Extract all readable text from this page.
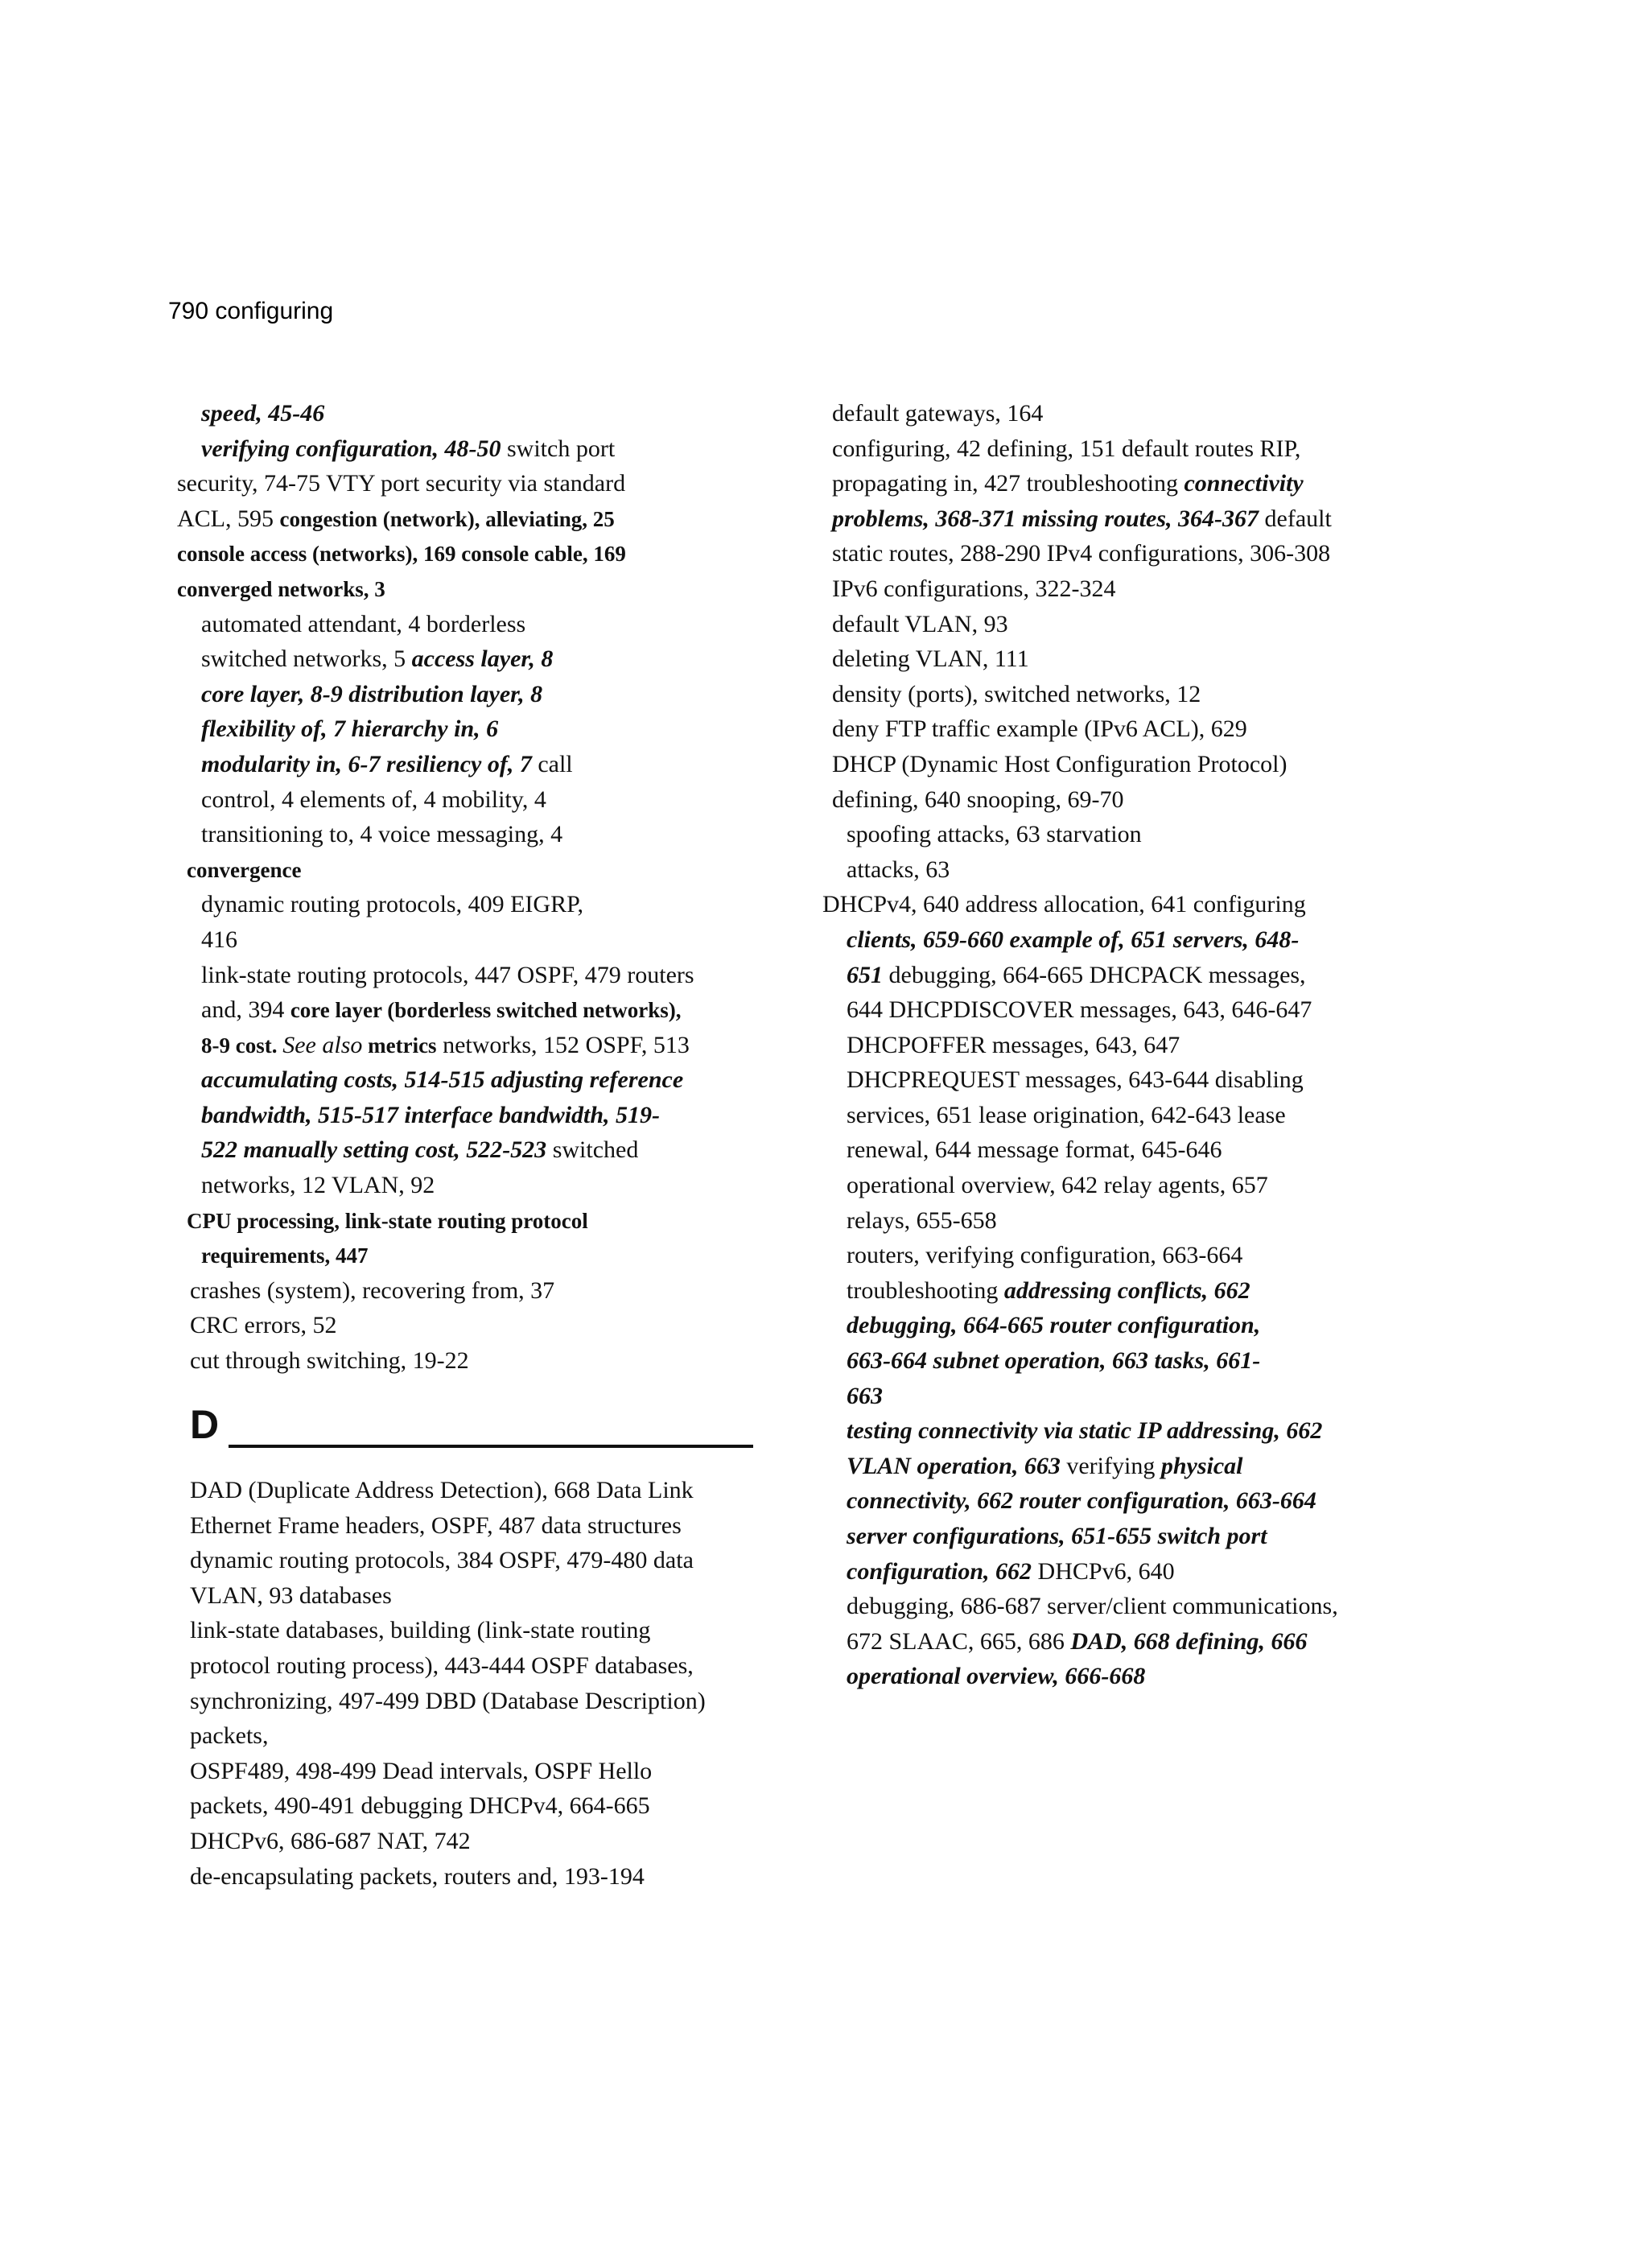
790 configuring
speed, 45-46
verifying configuration, 48-50 switch port
security, 74-75 VTY port security via standard
ACL, 595 congestion (network), alleviating, 25
console access (networks), 169 console cable, 169
converged networks, 3
automated attendant, 4 borderless
switched networks, 5 access layer, 8
core layer, 8-9 distribution layer, 8
flexibility of, 7 hierarchy in, 6
modularity in, 6-7 resiliency of, 7 call
control, 4 elements of, 4 mobility, 4
transitioning to, 4 voice messaging, 4
convergence
dynamic routing protocols, 409 EIGRP,
416
link-state routing protocols, 447 OSPF, 479 routers
and, 394 core layer (borderless switched networks),
8-9 cost. See also metrics networks, 152 OSPF, 513
accumulating costs, 514-515 adjusting reference
bandwidth, 515-517 interface bandwidth, 519-
522 manually setting cost, 522-523 switched
networks, 12 VLAN, 92
CPU processing, link-state routing protocol
requirements, 447
crashes (system), recovering from, 37
CRC errors, 52
cut through switching, 19-22
D
DAD (Duplicate Address Detection), 668 Data Link
Ethernet Frame headers, OSPF, 487 data structures
dynamic routing protocols, 384 OSPF, 479-480 data
VLAN, 93 databases
link-state databases, building (link-state routing
protocol routing process), 443-444 OSPF databases,
synchronizing, 497-499 DBD (Database Description)
packets,
OSPF489, 498-499 Dead intervals, OSPF Hello
packets, 490-491 debugging DHCPv4, 664-665
DHCPv6, 686-687 NAT, 742
de-encapsulating packets, routers and, 193-194
default gateways, 164
configuring, 42 defining, 151 default routes RIP,
propagating in, 427 troubleshooting connectivity
problems, 368-371 missing routes, 364-367 default
static routes, 288-290 IPv4 configurations, 306-308
IPv6 configurations, 322-324
default VLAN, 93
deleting VLAN, 111
density (ports), switched networks, 12
deny FTP traffic example (IPv6 ACL), 629
DHCP (Dynamic Host Configuration Protocol)
defining, 640 snooping, 69-70
spoofing attacks, 63 starvation
attacks, 63
DHCPv4, 640 address allocation, 641 configuring
clients, 659-660 example of, 651 servers, 648-
651 debugging, 664-665 DHCPACK messages,
644 DHCPDISCOVER messages, 643, 646-647
DHCPOFFER messages, 643, 647
DHCPREQUEST messages, 643-644 disabling
services, 651 lease origination, 642-643 lease
renewal, 644 message format, 645-646
operational overview, 642 relay agents, 657
relays, 655-658
routers, verifying configuration, 663-664
troubleshooting addressing conflicts, 662
debugging, 664-665 router configuration,
663-664 subnet operation, 663 tasks, 661-
663
testing connectivity via static IP addressing, 662
VLAN operation, 663 verifying physical
connectivity, 662 router configuration, 663-664
server configurations, 651-655 switch port
configuration, 662 DHCPv6, 640
debugging, 686-687 server/client communications,
672 SLAAC, 665, 686 DAD, 668 defining, 666
operational overview, 666-668
